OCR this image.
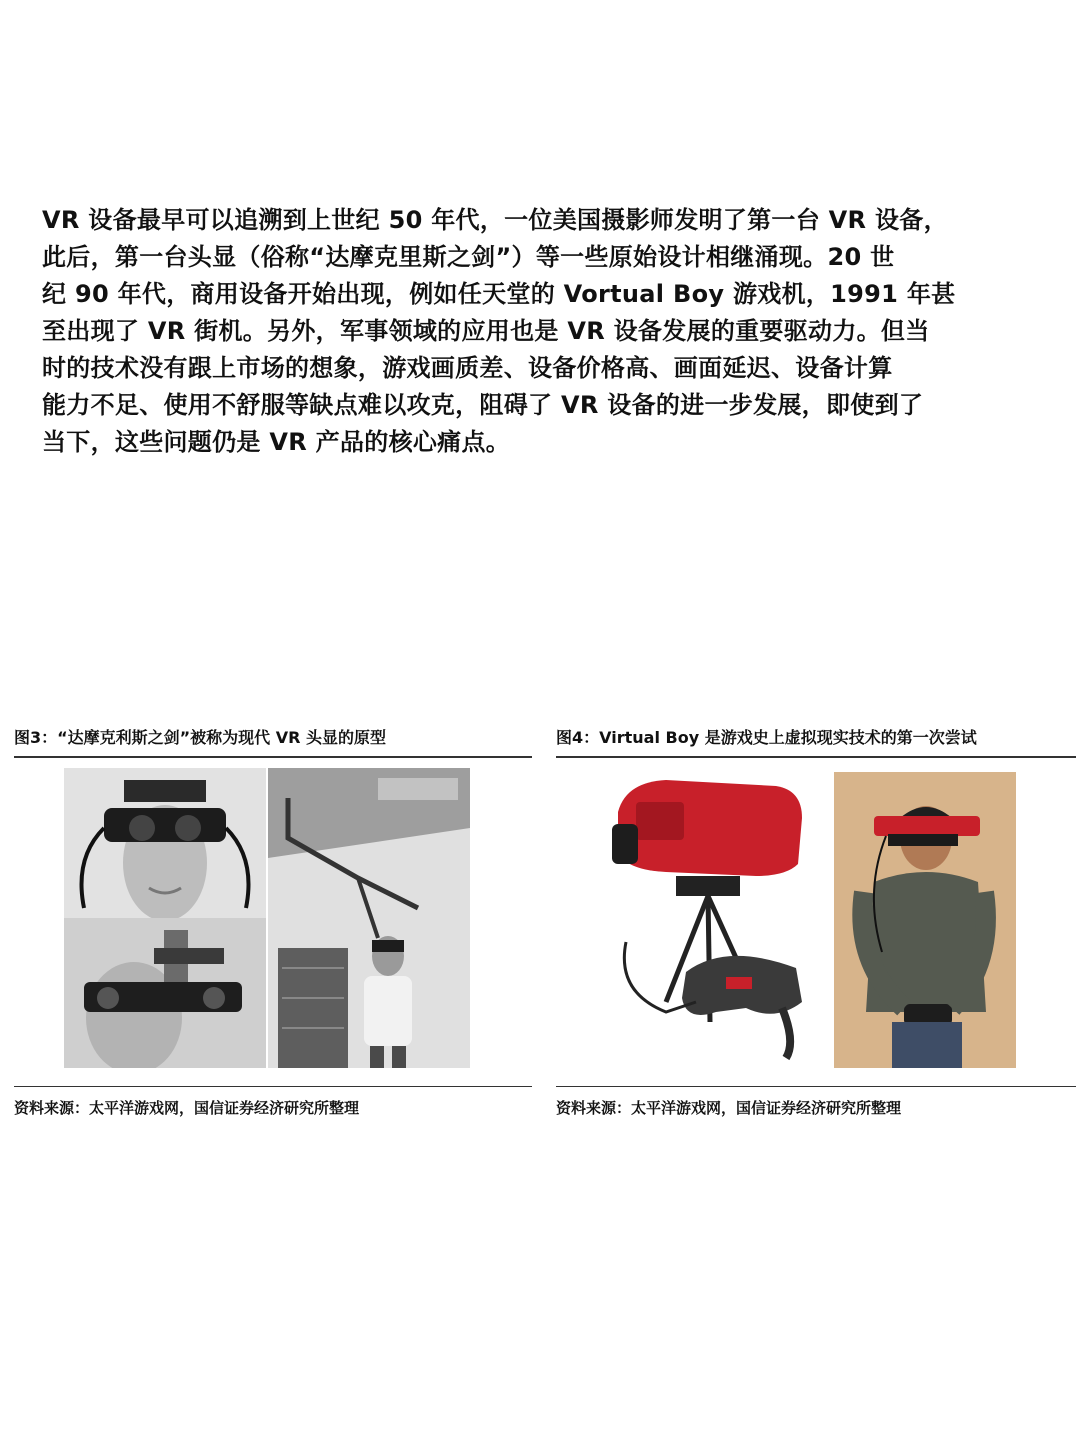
VR 设备最早可以追溯到上世纪 50 年代，一位美国摄影师发明了第一台 VR 设备，
此后，第一台头显（俗称“达摩克里斯之剑”）等一些原始设计相继涌现。20 世
纪 90 年代，商用设备开始出现，例如任天堂的 Vortual Boy 游戏机，1991 年甚
至出现了 VR 街机。另外，军事领域的应用也是 VR 设备发展的重要驱动力。但当
时的技术没有跟上市场的想象，游戏画质差、设备价格高、画面延迟、设备计算
能力不足、使用不舒服等缺点难以攻克，阻碍了 VR 设备的进一步发展，即使到了
当下，这些问题仍是 VR 产品的核心痛点。
图3：“达摩克利斯之剑”被称为现代 VR 头显的原型
资料来源：太平洋游戏网，国信证券经济研究所整理
图4：Virtual Boy 是游戏史上虚拟现实技术的第一次尝试
资料来源：太平洋游戏网，国信证券经济研究所整理
